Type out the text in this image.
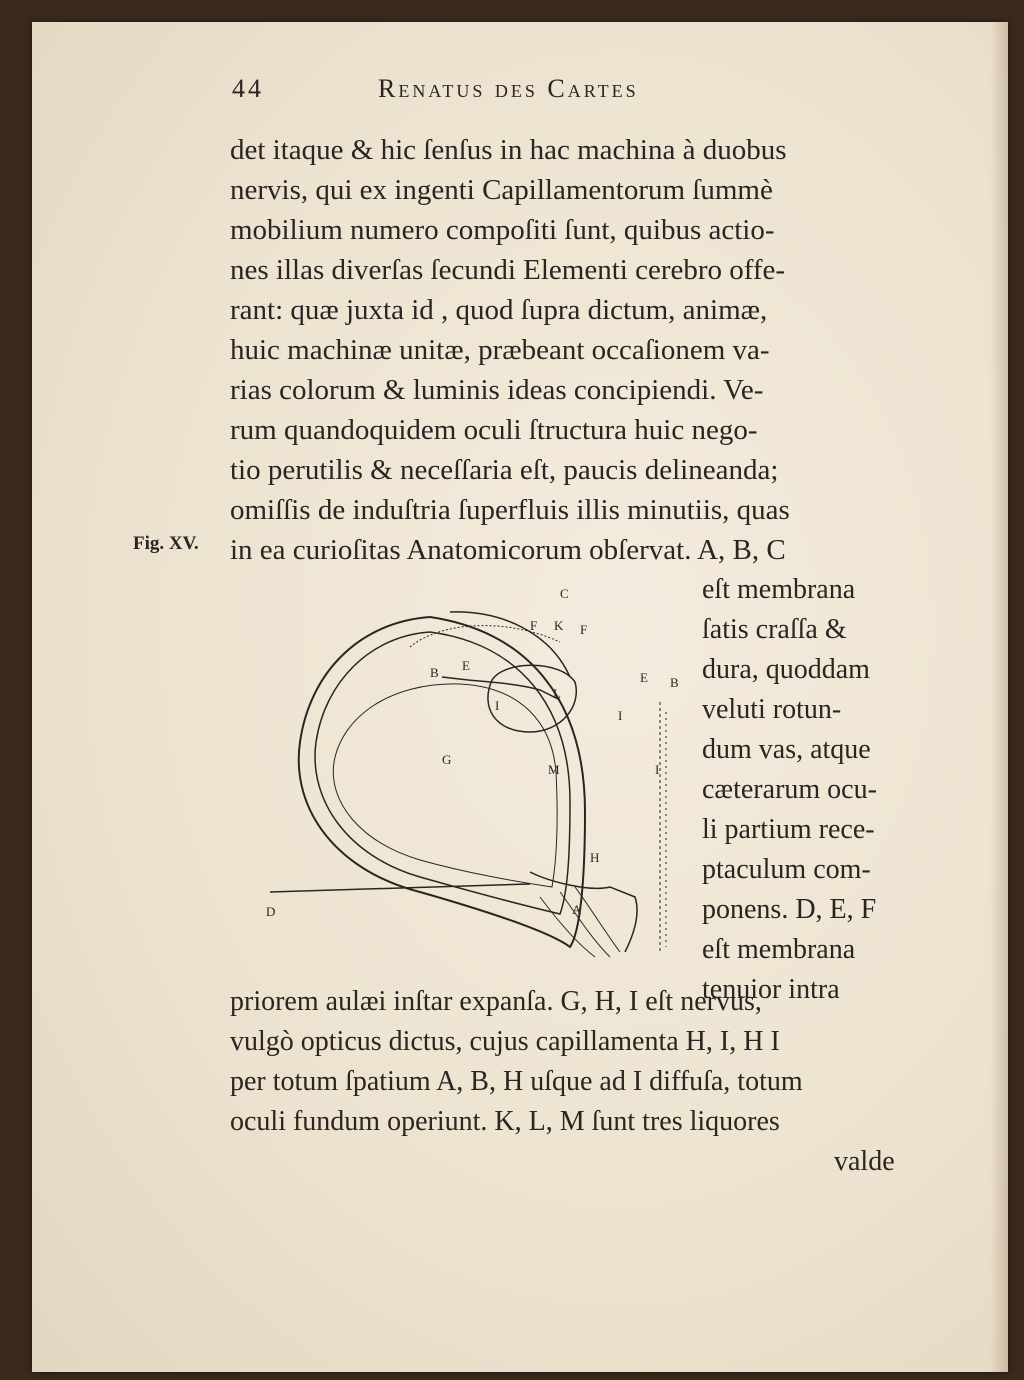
44	Renatus des Cartes
det itaque & hic ſenſus in hac machina à duobus
nervis, qui ex ingenti Capillamentorum ſummè
mobilium numero compoſiti ſunt, quibus actio-
nes illas diverſas ſecundi Elementi cerebro offe-
rant: quæ juxta id , quod ſupra dictum, animæ,
huic machinæ unitæ, præbeant occaſionem va-
rias colorum & luminis ideas concipiendi. Ve-
rum quandoquidem oculi ſtructura huic nego-
tio perutilis & neceſſaria eſt, paucis delineanda;
omiſſis de induſtria ſuperfluis illis minutiis, quas
in ea curioſitas Anatomicorum obſervat. A, B, C
Fig. XV.
eſt membrana
ſatis craſſa &
dura, quoddam
veluti rotun-
dum vas, atque
cæterarum ocu-
li partium rece-
ptaculum com-
ponens. D, E, F
eſt membrana
tenuior intra
C
F K F
B E
E B
L
I
I
G
M	I
H
A
D
priorem aulæi inſtar expanſa. G, H, I eſt nervus,
vulgò opticus dictus, cujus capillamenta H, I, H I
per totum ſpatium A, B, H uſque ad I diffuſa, totum
oculi fundum operiunt. K, L, M ſunt tres liquores
valde
